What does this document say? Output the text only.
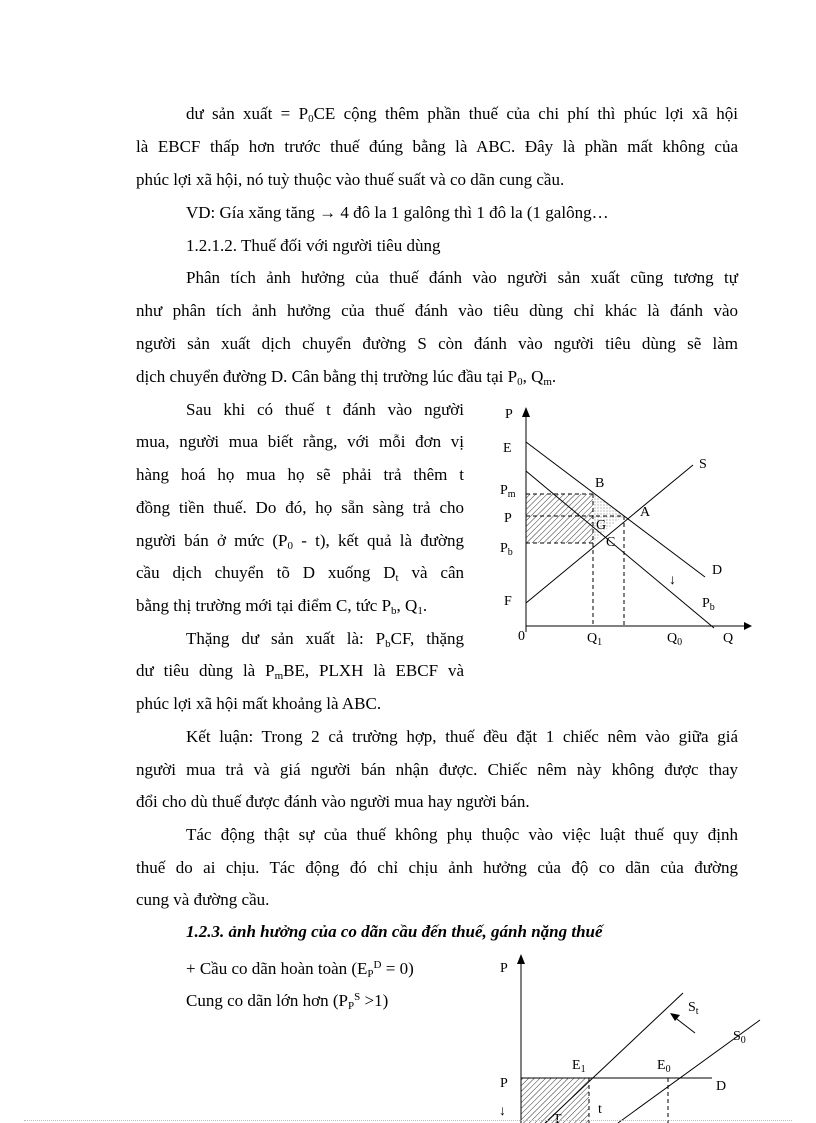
dư sản xuất = $P_0CE$ cộng thêm phần thuế của chi phí thì phúc lợi xã hội
là EBCF thấp hơn trước thuế đúng bằng là ABC. Đây là phần mất không của
phúc lợi xã hội, nó tuỳ thuộc vào thuế suất và co dãn cung cầu.
VD: Gía xăng tăng → 4 đô la 1 galông thì 1 đô la (1 galông…
1.2.1.2. Thuế đối với người tiêu dùng
Phân tích ảnh hưởng của thuế đánh vào người sản xuất cũng tương tự
như phân tích ảnh hưởng của thuế đánh vào tiêu dùng chỉ khác là đánh vào
người sản xuất dịch chuyển đường S còn đánh vào người tiêu dùng sẽ làm
dịch chuyển đường D. Cân bằng thị trường lúc đầu tại $P_0$, $Q_m$.
Sau khi có thuế t đánh vào người
mua, người mua biết rằng, với mỗi đơn vị
hàng hoá họ mua họ sẽ phải trả thêm t
đồng tiền thuế. Do đó, họ sẵn sàng trả cho
người bán ở mức $(P_0 - t)$, kết quả là đường
cầu dịch chuyển tõ D xuống $D_t$ và cân
bằng thị trường mới tại điểm C, tức $P_b$, $Q_1$.
Thặng dư sản xuất là: $P_bCF$, thặng
dư tiêu dùng là $P_mBE$, PLXH là EBCF và
phúc lợi xã hội mất khoảng là ABC.
Kết luận: Trong 2 cả trường hợp, thuế đều đặt 1 chiếc nêm vào giữa giá
người mua trả và giá người bán nhận được. Chiếc nêm này không được thay
đổi cho dù thuế được đánh vào người mua hay người bán.
Tác động thật sự của thuế không phụ thuộc vào việc luật thuế quy định
thuế do ai chịu. Tác động đó chỉ chịu ảnh hưởng của độ co dãn của đường
cung và đường cầu.
1.2.3. ảnh hưởng của co dãn cầu đến thuế, gánh nặng thuế
+ Cầu co dãn hoàn toàn $(E_P^D = 0)$
Cung co dãn lớn hơn $(P_P^S >1)$
P
E
S
B
$P_m$
A
P	G
C
$P_b$
D
↓
F	$P_b$
0	$Q_1$	$Q_0$	Q
P
$S_t$
$S_0$
$E_1$	$E_0$
P	D
t
↓
T
